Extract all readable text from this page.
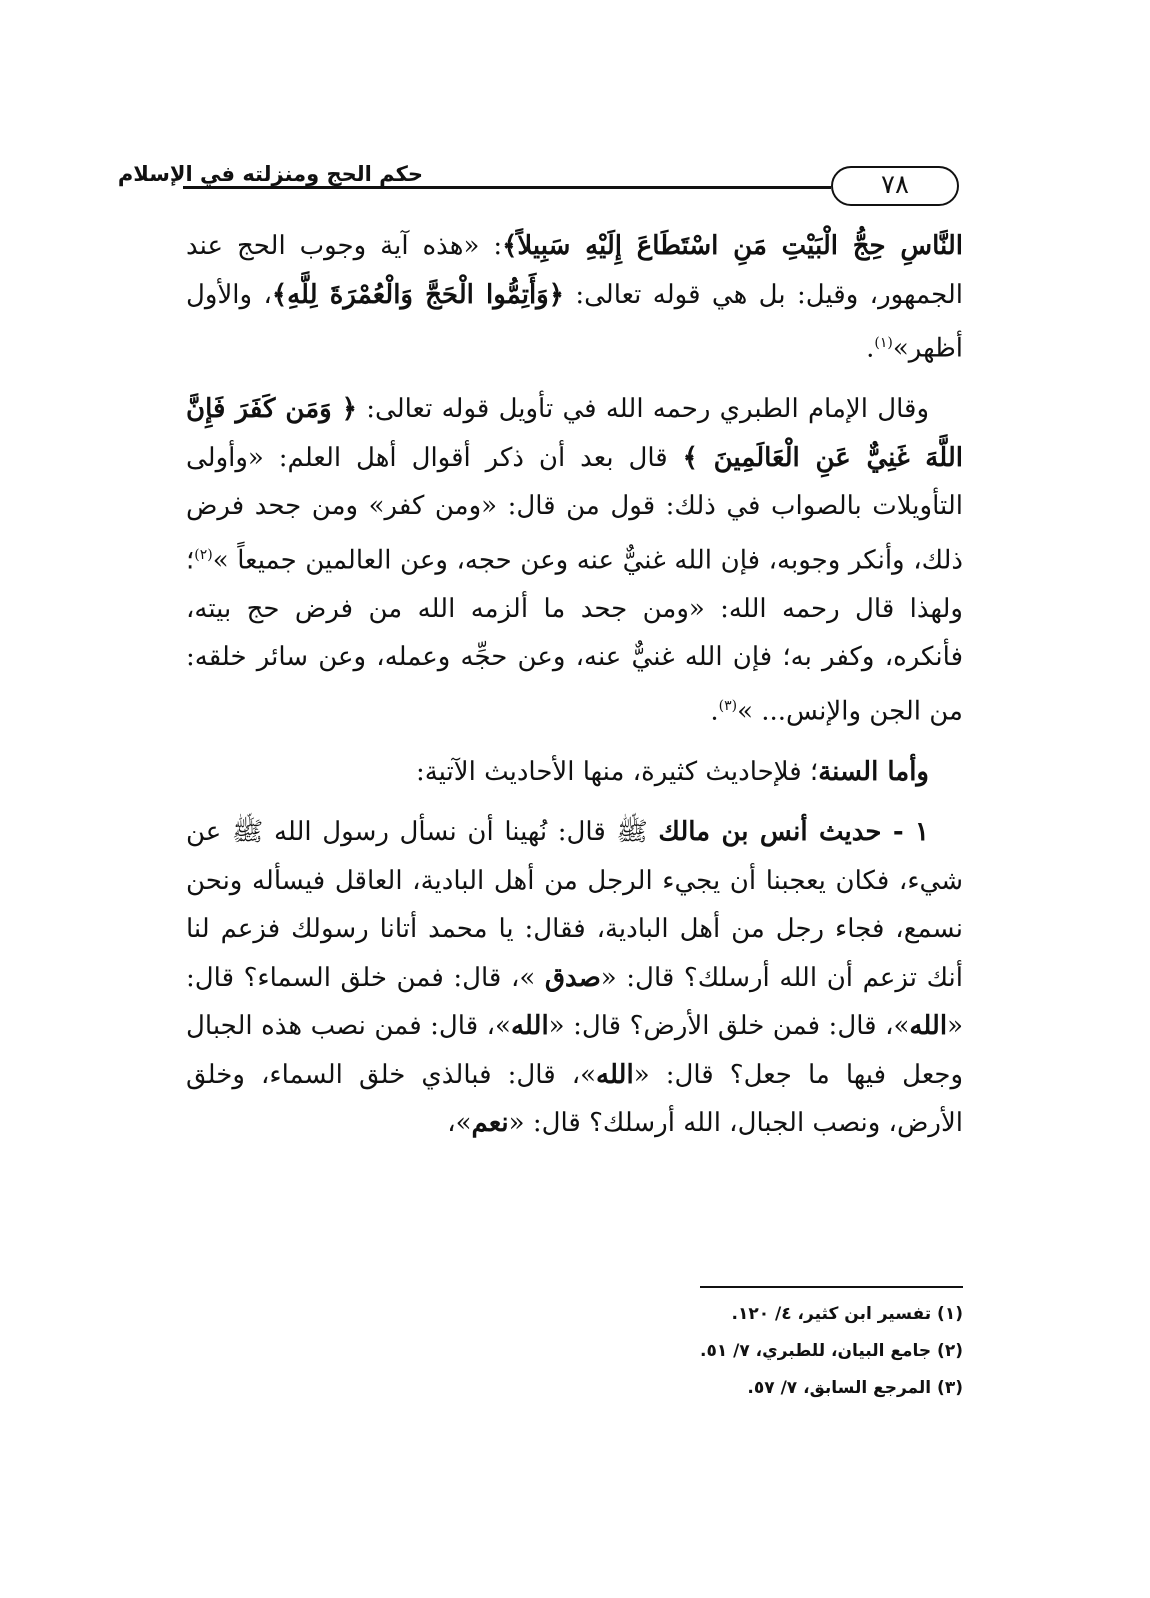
حكم الحج ومنزلته في الإسلام	٧٨

النَّاسِ حِجُّ الْبَيْتِ مَنِ اسْتَطَاعَ إِلَيْهِ سَبِيلاً﴾: «هذه آية وجوب الحج عند الجمهور، وقيل: بل هي قوله تعالى: ﴿وَأَتِمُّوا الْحَجَّ وَالْعُمْرَةَ لِلَّهِ﴾، والأول أظهر»$^{(١)}$.

وقال الإمام الطبري رحمه الله في تأويل قوله تعالى: ﴿ وَمَن كَفَرَ فَإِنَّ اللَّهَ غَنِيٌّ عَنِ الْعَالَمِينَ ﴾ قال بعد أن ذكر أقوال أهل العلم: «وأولى التأويلات بالصواب في ذلك: قول من قال: «ومن كفر» ومن جحد فرض ذلك، وأنكر وجوبه، فإن الله غنيٌّ عنه وعن حجه، وعن العالمين جميعاً »$^{(٢)}$؛ ولهذا قال رحمه الله: «ومن جحد ما ألزمه الله من فرض حج بيته، فأنكره، وكفر به؛ فإن الله غنيٌّ عنه، وعن حجِّه وعمله، وعن سائر خلقه: من الجن والإنس... »$^{(٣)}$.

وأما السنة؛ فلإحاديث كثيرة، منها الأحاديث الآتية:

١ - حديث أنس بن مالك ﷺ قال: نُهينا أن نسأل رسول الله ﷺ عن شيء، فكان يعجبنا أن يجيء الرجل من أهل البادية، العاقل فيسأله ونحن نسمع، فجاء رجل من أهل البادية، فقال: يا محمد أتانا رسولك فزعم لنا أنك تزعم أن الله أرسلك؟ قال: «صدق »، قال: فمن خلق السماء؟ قال: «الله»، قال: فمن خلق الأرض؟ قال: «الله»، قال: فمن نصب هذه الجبال وجعل فيها ما جعل؟ قال: «الله»، قال: فبالذي خلق السماء، وخلق الأرض، ونصب الجبال، الله أرسلك؟ قال: «نعم»،

(١) تفسير ابن كثير، ٤/ ١٢٠.

(٢) جامع البيان، للطبري، ٧/ ٥١.

(٣) المرجع السابق، ٧/ ٥٧.
